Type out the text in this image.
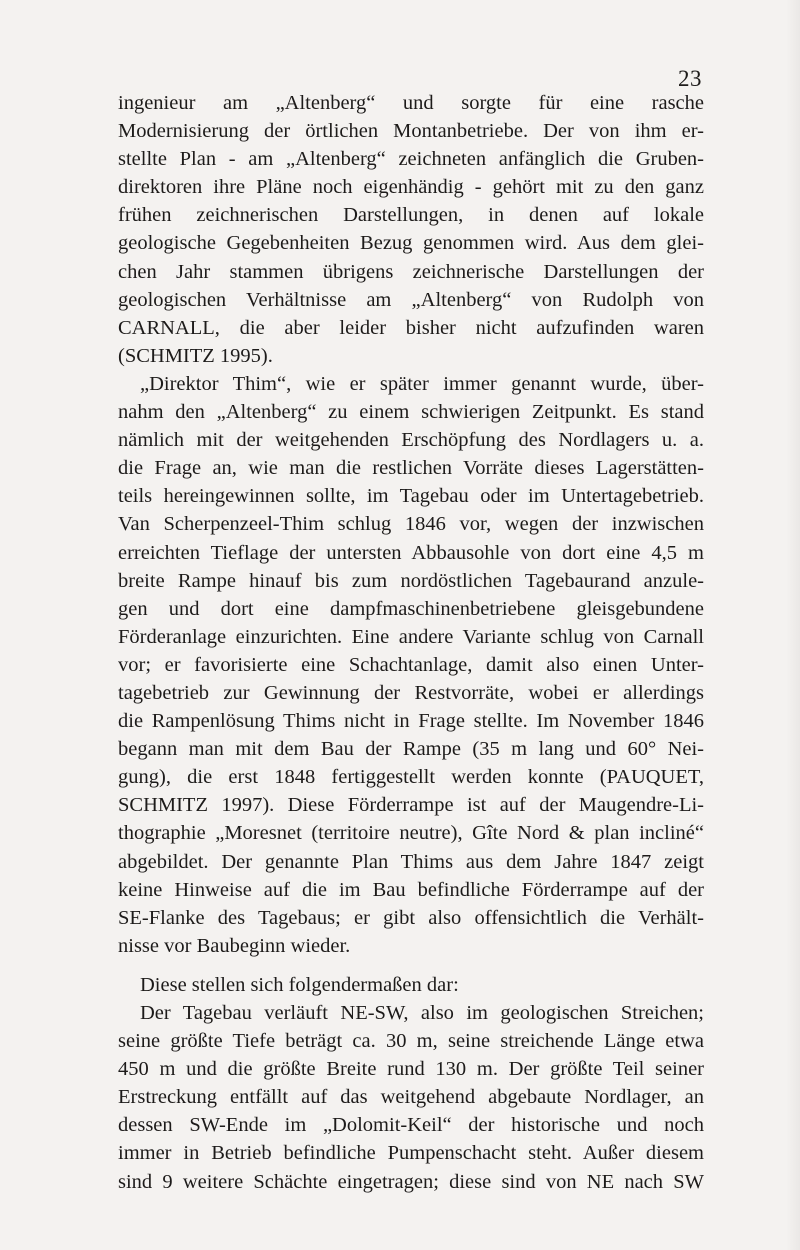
23
ingenieur am „Altenberg“ und sorgte für eine rasche
Modernisierung der örtlichen Montanbetriebe. Der von ihm er-
stellte Plan - am „Altenberg“ zeichneten anfänglich die Gruben-
direktoren ihre Pläne noch eigenhändig - gehört mit zu den ganz
frühen zeichnerischen Darstellungen, in denen auf lokale
geologische Gegebenheiten Bezug genommen wird. Aus dem glei-
chen Jahr stammen übrigens zeichnerische Darstellungen der
geologischen Verhältnisse am „Altenberg“ von Rudolph von
CARNALL, die aber leider bisher nicht aufzufinden waren
(SCHMITZ 1995).
„Direktor Thim“, wie er später immer genannt wurde, über-
nahm den „Altenberg“ zu einem schwierigen Zeitpunkt. Es stand
nämlich mit der weitgehenden Erschöpfung des Nordlagers u. a.
die Frage an, wie man die restlichen Vorräte dieses Lagerstätten-
teils hereingewinnen sollte, im Tagebau oder im Untertagebetrieb.
Van Scherpenzeel-Thim schlug 1846 vor, wegen der inzwischen
erreichten Tieflage der untersten Abbausohle von dort eine 4,5 m
breite Rampe hinauf bis zum nordöstlichen Tagebaurand anzule-
gen und dort eine dampfmaschinenbetriebene gleisgebundene
Förderanlage einzurichten. Eine andere Variante schlug von Carnall
vor; er favorisierte eine Schachtanlage, damit also einen Unter-
tagebetrieb zur Gewinnung der Restvorräte, wobei er allerdings
die Rampenlösung Thims nicht in Frage stellte. Im November 1846
begann man mit dem Bau der Rampe (35 m lang und 60° Nei-
gung), die erst 1848 fertiggestellt werden konnte (PAUQUET,
SCHMITZ 1997). Diese Förderrampe ist auf der Maugendre-Li-
thographie „Moresnet (territoire neutre), Gîte Nord & plan incliné“
abgebildet. Der genannte Plan Thims aus dem Jahre 1847 zeigt
keine Hinweise auf die im Bau befindliche Förderrampe auf der
SE-Flanke des Tagebaus; er gibt also offensichtlich die Verhält-
nisse vor Baubeginn wieder.
Diese stellen sich folgendermaßen dar:
Der Tagebau verläuft NE-SW, also im geologischen Streichen;
seine größte Tiefe beträgt ca. 30 m, seine streichende Länge etwa
450 m und die größte Breite rund 130 m. Der größte Teil seiner
Erstreckung entfällt auf das weitgehend abgebaute Nordlager, an
dessen SW-Ende im „Dolomit-Keil“ der historische und noch
immer in Betrieb befindliche Pumpenschacht steht. Außer diesem
sind 9 weitere Schächte eingetragen; diese sind von NE nach SW
